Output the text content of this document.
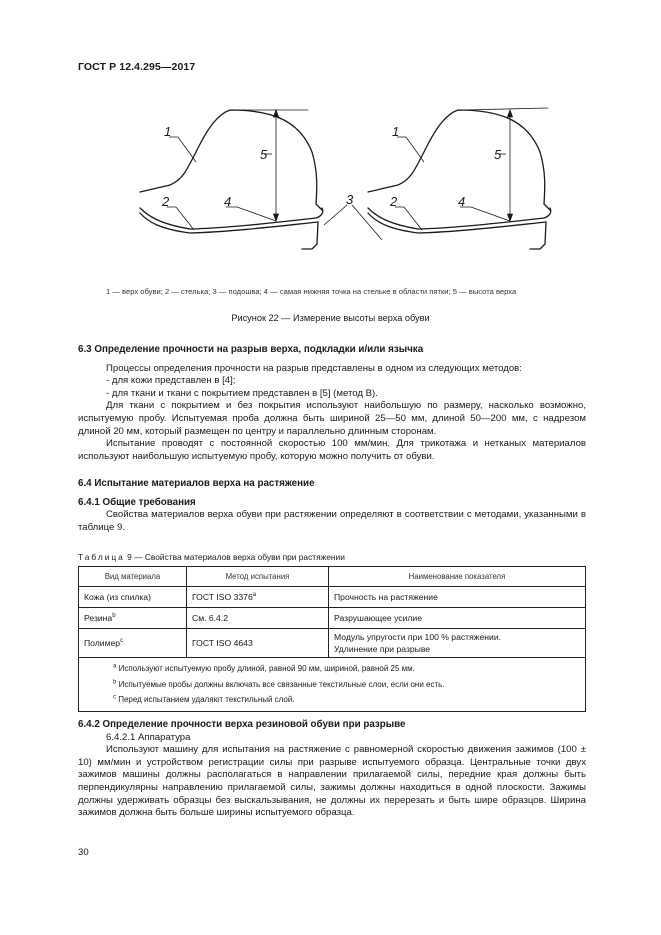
ГОСТ Р 12.4.295—2017
1	1
2	2
3
4	4
5	5
1 — верх обуви; 2 — стелька; 3 — подошва; 4 — самая нижняя точка на стельке в области пятки; 5 — высота верха
Рисунок 22 — Измерение высоты верха обуви

6.3 Определение прочности на разрыв верха, подкладки и/или язычка

Процессы определения прочности на разрыв представлены в одном из следующих методов:

- для кожи представлен в [4];

- для ткани и ткани с покрытием представлен в [5] (метод В).

Для ткани с покрытием и без покрытия используют наибольшую по размеру, насколько возможно, испытуемую пробу. Испытуемая проба должна быть шириной 25—50 мм, длиной 50—200 мм, с надрезом длиной 20 мм, который размещен по центру и параллельно длинным сторонам.

Испытание проводят с постоянной скоростью 100 мм/мин. Для трикотажа и нетканых материалов используют наибольшую испытуемую пробу, которую можно получить от обуви.

6.4 Испытание материалов верха на растяжение

6.4.1 Общие требования

Свойства материалов верха обуви при растяжении определяют в соответствии с методами, указанными в таблице 9.

Таблица 9 — Свойства материалов верха обуви при растяжении
Вид материала	Метод испытания	Наименование показателя
Кожа (из спилка)	ГОСТ ISO 3376$^a$	Прочность на растяжение
Резина$^b$	См. 6.4.2	Разрушающее усилие
Полимер$^c$	ГОСТ ISO 4643	Модуль упругости при 100 % растяжении.
Удлинение при разрыве

$^a$ Используют испытуемую пробу длиной, равной 90 мм, шириной, равной 25 мм.
$^b$ Испытуемые пробы должны включать все связанные текстильные слои, если они есть.
$^c$ Перед испытанием удаляют текстильный слой.		

6.4.2 Определение прочности верха резиновой обуви при разрыве

6.4.2.1 Аппаратура

Используют машину для испытания на растяжение с равномерной скоростью движения зажимов (100 ± 10) мм/мин и устройством регистрации силы при разрыве испытуемого образца. Центральные точки двух зажимов машины должны располагаться в направлении прилагаемой силы, передние края должны быть перпендикулярны направлению прилагаемой силы, зажимы должны находиться в одной плоскости. Зажимы должны удерживать образцы без выскальзывания, не должны их перерезать и быть шире образцов. Ширина зажимов должна быть больше ширины испытуемого образца.

30
